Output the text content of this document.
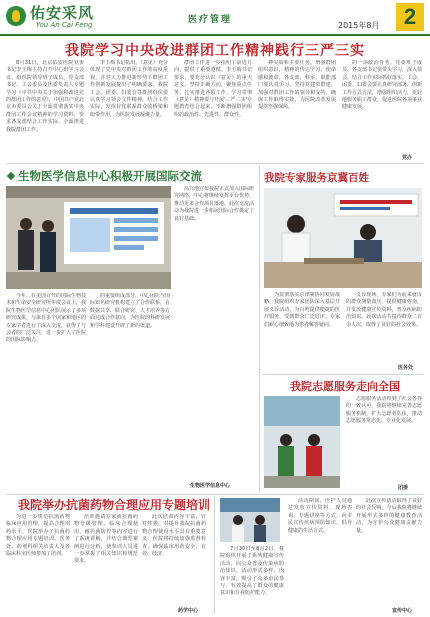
佑安采风
You An Cai Feng	医疗管理
2015年8月	2
我院学习中央改进群团工作精神践行三严三实

8月31日，北京佑安医院党委书记李玉梅主持召开中心组学习会议，组织院领导班子成员、党支部书记、工会委员及团委负责人专题学习《中共中央关于加强和改进党的群团工作的意见》、中国共产党北京市委员会关于全面贯彻落实中央群团工作会议精神的学习资料，要求各支部结合工作实际，全面推进我院群团工作。

李玉梅书记指出，《意见》充分体现了党中央对群团工作的高度重视，并对大力推进新形势下群团工作创新发展提出了明确要求。我院工会、团委、妇委会等群团组织要认真学习领会文件精神，结合工作实际，发挥好党联系群众的桥梁和纽带作用，为医院发展凝聚力量。

群团工作进一步指明了前进方向，提供了重要遵循。李玉梅书记要求，要充分认识《意见》的重大意义，坚持正确方向，聚焦重点任务，扎实推进各项工作。学习贯彻《意见》精神要与开展'三严三实'专题教育结合起来，不断增强群团组织的政治性、先进性、群众性。

神实质和主要任务。增强群团组织意识，精神的传达学习，使命感和使命，各支部、科室、职能部门要认真学习，坚持党建带群建，加强对群团工作的领导和支持，确保工作取得实效，为医院改革发展提供坚强保障。

的一项政治任务。党委班子成员、各支部书记要带头学习，深入领会，结合工作实际抓好落实。工会、团委、妇委会要认真研究部署，创新工作方式方法，增强组织活力，更好地服务职工群众，促进医院各项事业健康发展。

党办
生物医学信息中心积极开展国际交流

今年，在美国召开的国际生物技术和生命安全研究所年度会议上，我院生物医学信息中心团队展示了多项研究成果，与来自多个国家和地区的专家学者进行了深入交流，获得了与会者的广泛关注，进一步扩大了医院的国际影响力。

的重要组成部分。中心团队与国际知名研究机构建立了合作联系，在数据共享、联合研究、人才培养等方面达成合作意向，为医院的科研发展和学科建设开辟了新的渠道。

高兴地宣布我院正式加入国际研究网络，中心将继续发挥平台优势，推动更多合作项目落地。此次交流活动为我院进一步拓展国际合作奠定了良好基础。

生物医学信息中心
我院专家服务京冀百姓

为贯彻落实京津冀协同发展战略，我院组织专家团队深入基层开展义诊活动，为百姓提供便捷的医疗服务，受到群众广泛好评。专家们耐心细致地为患者解答疑问。

义诊现场，专家们为前来就诊的群众测量血压、提供健康咨询，并发放健康宣传资料，普及疾病防治知识。此次活动共接待群众二百余人次，取得了良好的社会效果。

医务处
我院志愿服务走向全国

志愿服务活动得到了社会各界的一致认可，我院将继续完善志愿服务机制，扩大志愿者队伍，推动志愿服务常态化、专业化发展。

团委
我院举办抗菌药物合理应用专题培训

为进一步规范抗菌药物临床应用管理，提高合理用药水平，医院举办了抗菌药物合理应用专题培训。医务处、药剂科相关负责人及各临床科室医师参加了培训。

培训邀请专家就抗菌药物分级管理、临床合理使用、耐药菌防控等内容进行了系统讲解，并结合典型案例进行分析，使参训人员进一步掌握了相关知识和规范要求。

此次培训内容丰富、针对性强，对提升我院抗菌药物合理使用水平具有重要意义。医院将持续加强监督检查，确保临床用药安全、有效、经济。

药学中心

7月30日至8月2日，我院组织开展了系列健康宣传活动，向公众普及传染病防治知识。活动形式多样、内容丰富，吸引了众多市民参与，有效提高了群众的健康意识和自我防护能力。

活动期间，医护人员通过发放宣传资料、现场咨询、专题讲座等方式，向市民宣传疾病预防知识，倡导健康的生活方式。

此次宣传活动取得了良好的社会反响，今后我院将继续开展形式多样的健康教育活动，为守护公众健康贡献力量。

宣传中心
